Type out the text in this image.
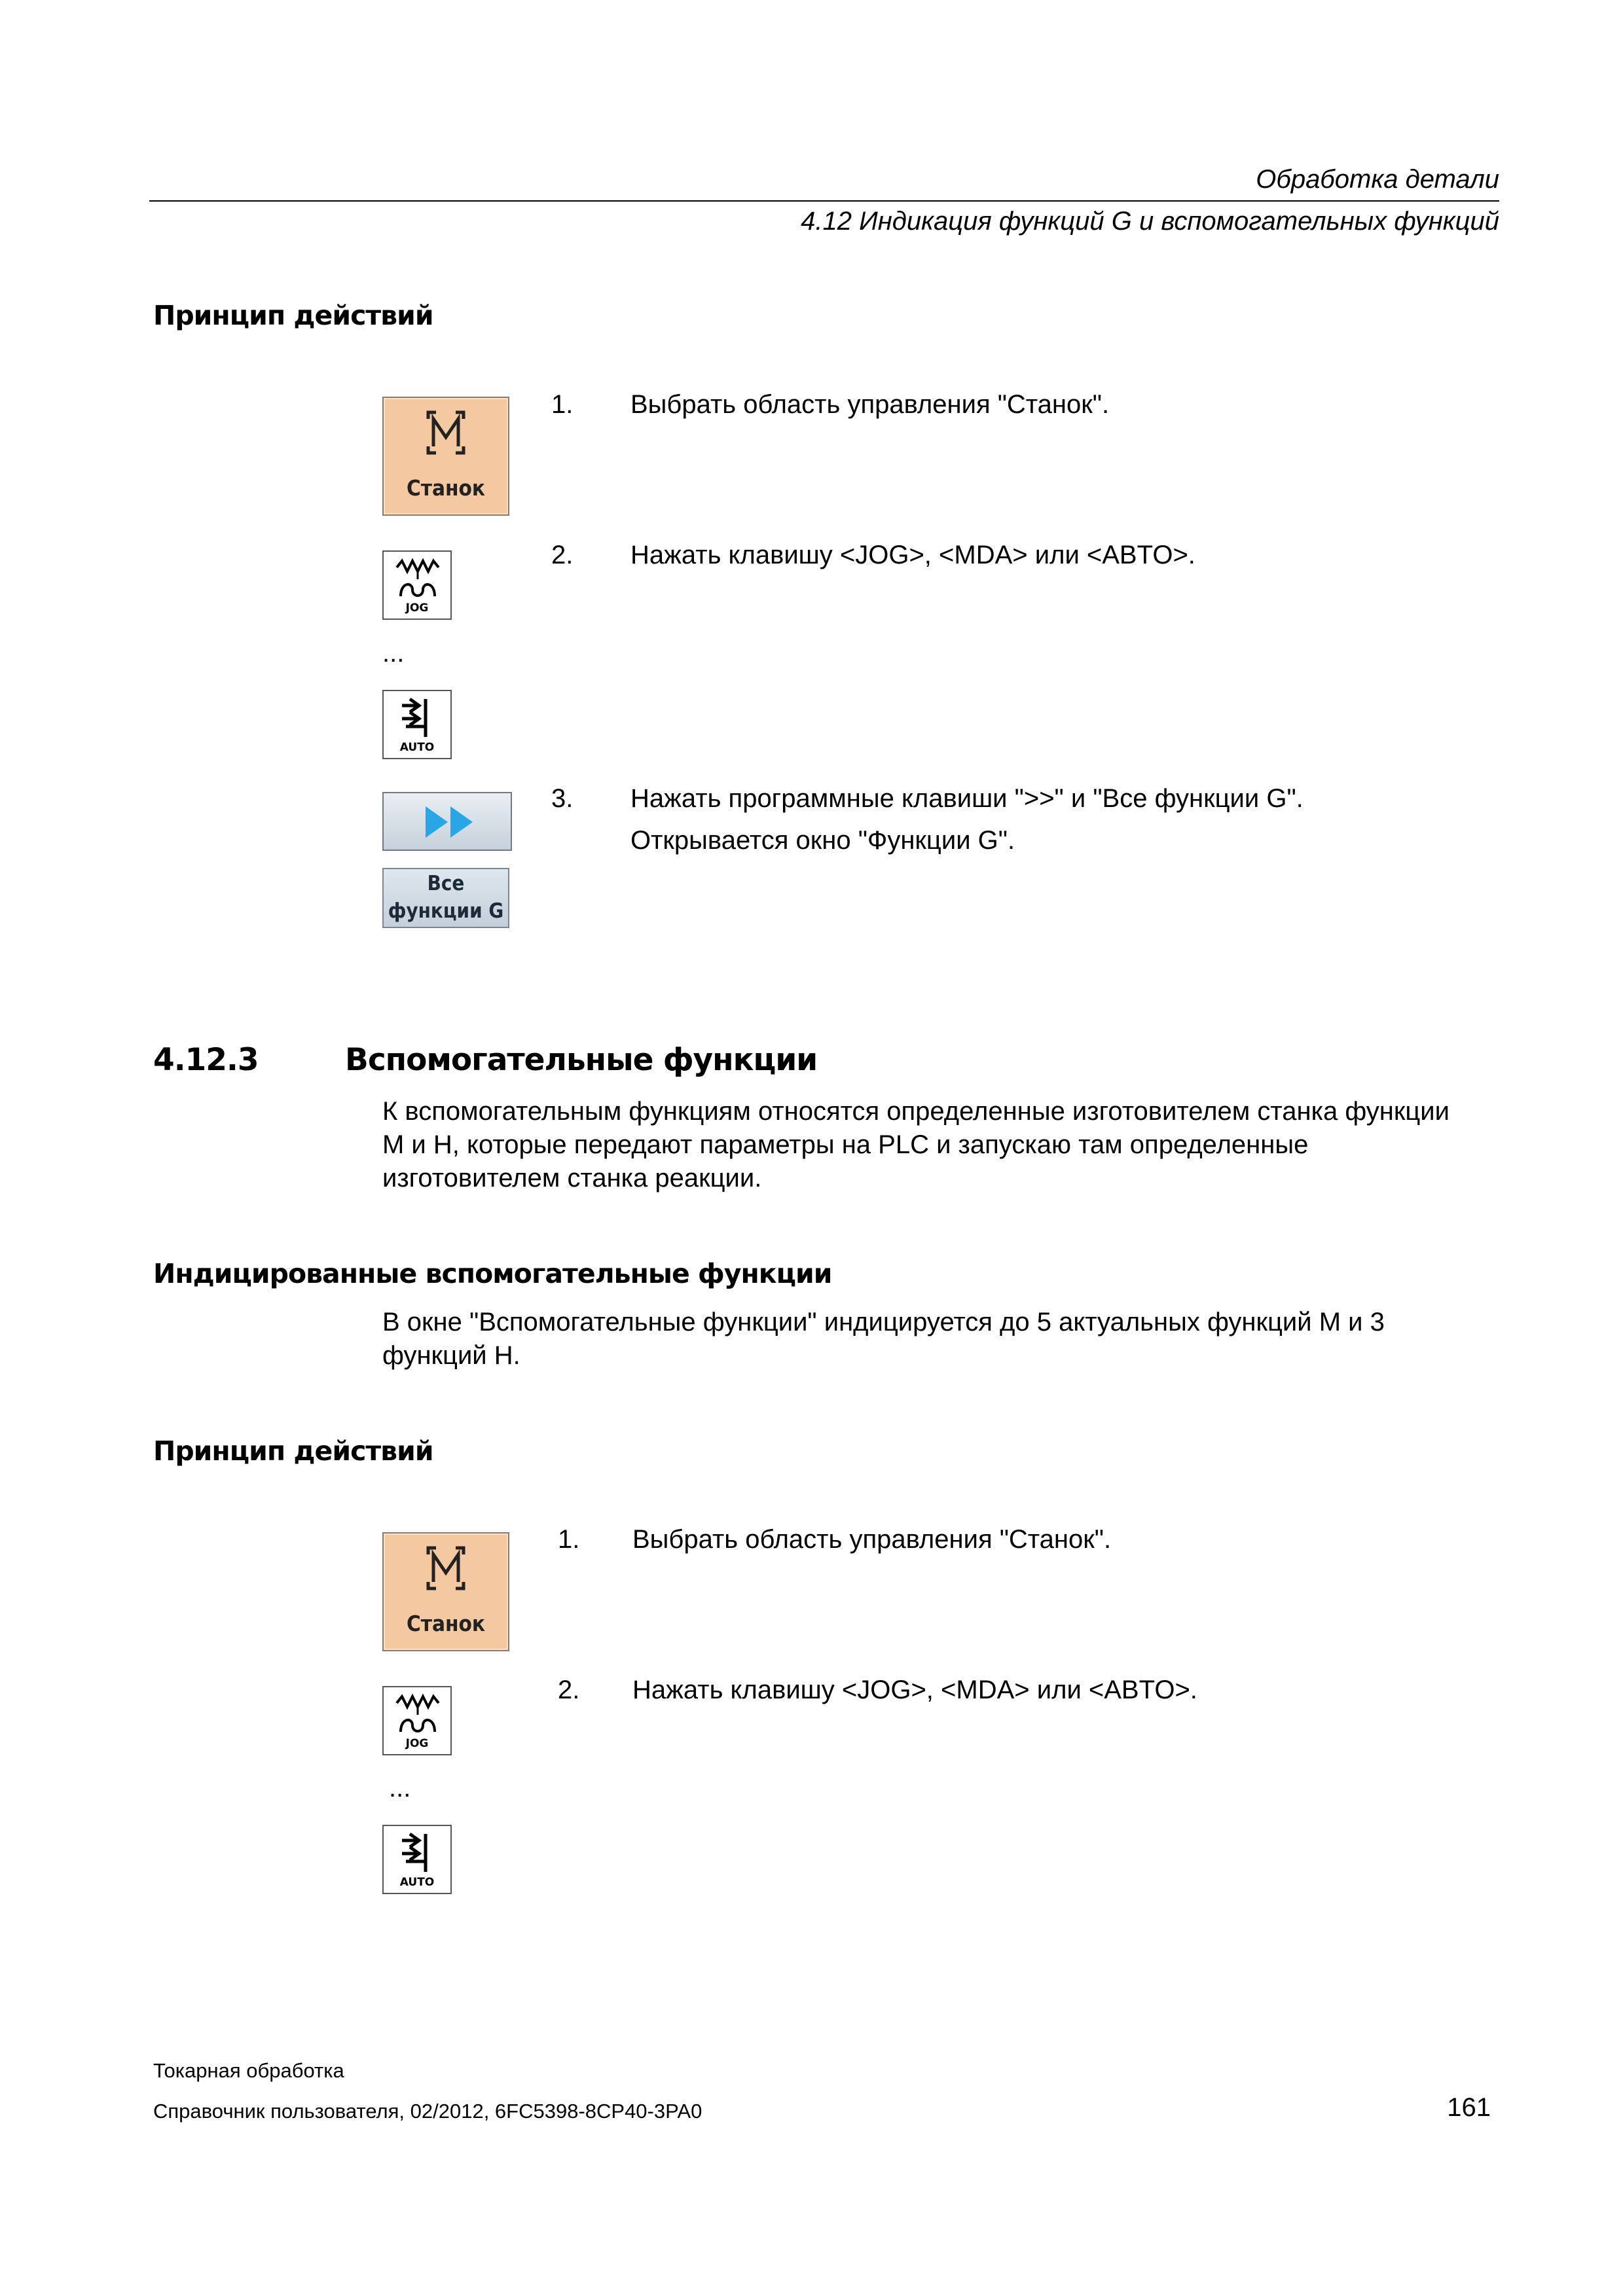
Обработка детали
4.12 Индикация функций G и вспомогательных функций
Принцип действий
Станок
1. Выбрать область управления "Станок".
JOG
2. Нажать клавишу <JOG>, <MDA> или <ABTO>.
...
AUTO
3. Нажать программные клавиши ">>" и "Все функции G".
Открывается окно "Функции G".
Все
функции G
4.12.3	Вспомогательные функции
К вспомогательным функциям относятся определенные изготовителем станка функции
M и H, которые передают параметры на PLC и запускаю там определенные
изготовителем станка реакции.
Индицированные вспомогательные функции
В окне "Вспомогательные функции" индицируется до 5 актуальных функций M и 3
функций H.
Принцип действий
Станок
1. Выбрать область управления "Станок".
JOG
2. Нажать клавишу <JOG>, <MDA> или <ABTO>.
...
AUTO
Токарная обработка
Справочник пользователя, 02/2012, 6FC5398-8CP40-3PA0	161
